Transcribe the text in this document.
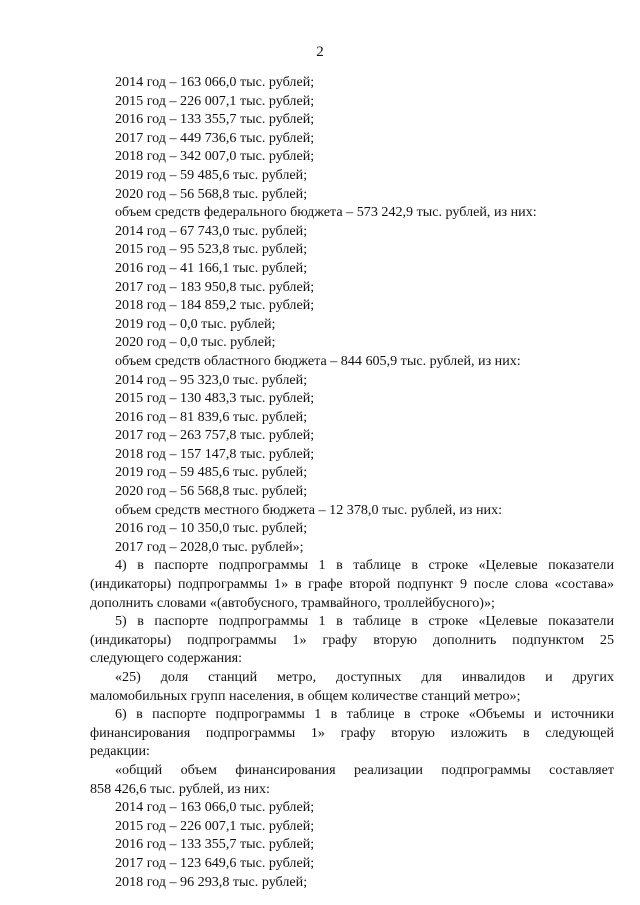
2
2014 год – 163 066,0 тыс. рублей;
2015 год – 226 007,1 тыс. рублей;
2016 год – 133 355,7 тыс. рублей;
2017 год – 449 736,6 тыс. рублей;
2018 год – 342 007,0 тыс. рублей;
2019 год – 59 485,6 тыс. рублей;
2020 год – 56 568,8 тыс. рублей;
объем средств федерального бюджета – 573 242,9 тыс. рублей, из них:
2014 год – 67 743,0 тыс. рублей;
2015 год – 95 523,8 тыс. рублей;
2016 год – 41 166,1 тыс. рублей;
2017 год – 183 950,8 тыс. рублей;
2018 год – 184 859,2 тыс. рублей;
2019 год – 0,0 тыс. рублей;
2020 год – 0,0 тыс. рублей;
объем средств областного бюджета – 844 605,9 тыс. рублей, из них:
2014 год – 95 323,0 тыс. рублей;
2015 год – 130 483,3 тыс. рублей;
2016 год – 81 839,6 тыс. рублей;
2017 год – 263 757,8 тыс. рублей;
2018 год – 157 147,8 тыс. рублей;
2019 год – 59 485,6 тыс. рублей;
2020 год – 56 568,8 тыс. рублей;
объем средств местного бюджета – 12 378,0 тыс. рублей, из них:
2016 год – 10 350,0 тыс. рублей;
2017 год – 2028,0 тыс. рублей»;
4) в паспорте подпрограммы 1 в таблице в строке «Целевые показатели
(индикаторы) подпрограммы 1» в графе второй подпункт 9 после слова «состава»
дополнить словами «(автобусного, трамвайного, троллейбусного)»;
5) в паспорте подпрограммы 1 в таблице в строке «Целевые показатели
(индикаторы) подпрограммы 1» графу вторую дополнить подпунктом 25
следующего содержания:
«25) доля станций метро, доступных для инвалидов и других
маломобильных групп населения, в общем количестве станций метро»;
6) в паспорте подпрограммы 1 в таблице в строке «Объемы и источники
финансирования подпрограммы 1» графу вторую изложить в следующей
редакции:
«общий объем финансирования реализации подпрограммы составляет
858 426,6 тыс. рублей, из них:
2014 год – 163 066,0 тыс. рублей;
2015 год – 226 007,1 тыс. рублей;
2016 год – 133 355,7 тыс. рублей;
2017 год – 123 649,6 тыс. рублей;
2018 год – 96 293,8 тыс. рублей;
